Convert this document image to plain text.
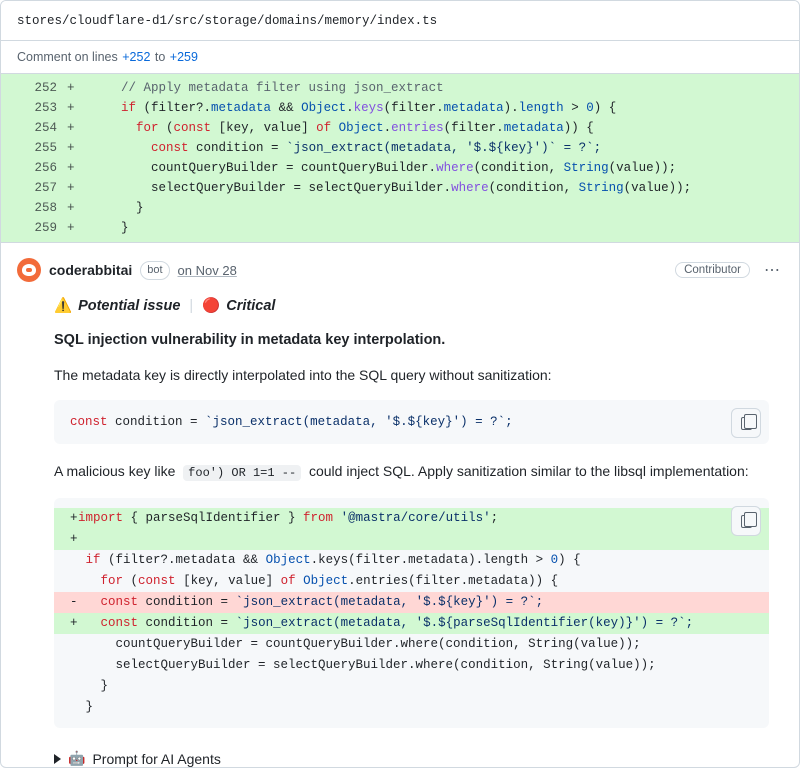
stores/cloudflare-d1/src/storage/domains/memory/index.ts
Comment on lines
+252
to
+259
252 +	// Apply metadata filter using json_extract
253 +	if (filter?.metadata && Object.keys(filter.metadata).length > 0) {
254 +	for (const [key, value] of Object.entries(filter.metadata)) {
255 +	const condition = `json_extract(metadata, '$.${key}')` = ?`;
256 +	countQueryBuilder = countQueryBuilder.where(condition, String(value));
257 +	selectQueryBuilder = selectQueryBuilder.where(condition, String(value));
258 +	}
259 +	}
coderabbitai	bot	on Nov 28	Contributor	⋯
⚠️ Potential issue | 🔴 Critical
SQL injection vulnerability in metadata key interpolation.
The metadata key is directly interpolated into the SQL query without sanitization:
const condition = `json_extract(metadata, '$.${key}') = ?`;
A malicious key like foo') OR 1=1 -- could inject SQL. Apply sanitization similar to the libsql implementation:
+import { parseSqlIdentifier } from '@mastra/core/utils';
+
if (filter?.metadata && Object.keys(filter.metadata).length > 0) {
for (const [key, value] of Object.entries(filter.metadata)) {
- const condition = `json_extract(metadata, '$.${key}') = ?`;
+ const condition = `json_extract(metadata, '$.${parseSqlIdentifier(key)}') = ?`;
countQueryBuilder = countQueryBuilder.where(condition, String(value));
selectQueryBuilder = selectQueryBuilder.where(condition, String(value));
}
}
🤖 Prompt for AI Agents
